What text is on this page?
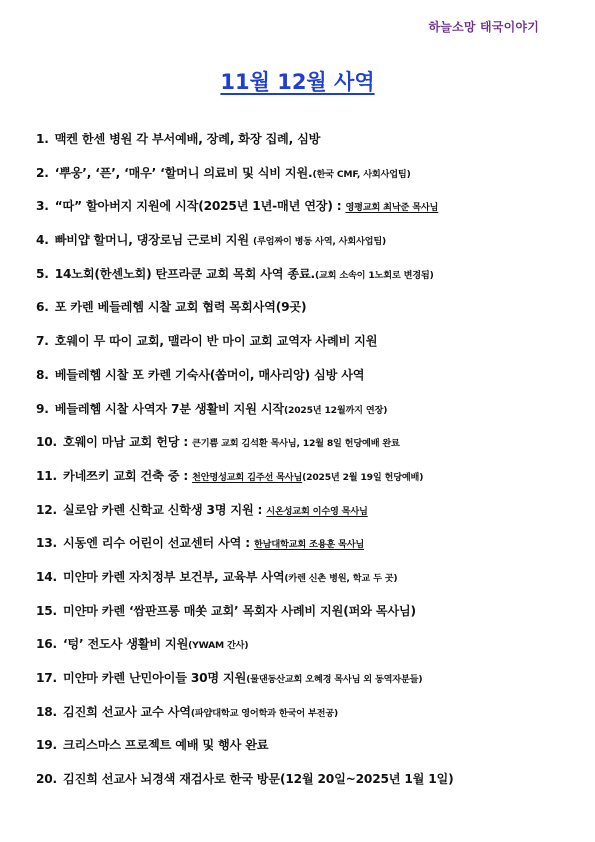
하늘소망 태국이야기
11월 12월 사역
1. 맥켄 한센 병원 각 부서예배, 장례, 화장 집례, 심방
2. ‘뿌웅’, ‘픈’, ‘매우’ ‘할머니 의료비 및 식비 지원.(한국 CMF, 사회사업팀)
3. “따” 할아버지 지원에 시작(2025년 1년-매년 연장) : 영평교회 최낙준 목사님
4. 빠비얍 할머니, 댕장로님 근로비 지원 (루엄짜이 병동 사역, 사회사업팀)
5. 14노회(한센노회) 탄프라쿤 교회 목회 사역 종료.(교회 소속이 1노회로 변경됨)
6. 포 카렌 베들레헴 시찰 교회 협력 목회사역(9곳)
7. 호웨이 무 따이 교회, 맬라이 반 마이 교회 교역자 사례비 지원
8. 베들레헴 시찰 포 카렌 기숙사(쏩머이, 매사리앙) 심방 사역
9. 베들레헴 시찰 사역자 7분 생활비 지원 시작(2025년 12월까지 연장)
10. 호웨이 마남 교회 헌당 : 큰기쁨 교회 김석환 목사님, 12월 8일 헌당예배 완료
11. 카네쯔키 교회 건축 중 : 천안명성교회 김주선 목사님(2025년 2월 19일 헌당예배)
12. 실로암 카렌 신학교 신학생 3명 지원 : 시온성교회 이수영 목사님
13. 시동엔 리수 어린이 선교센터 사역 : 한남대학교회 조용훈 목사님
14. 미얀마 카렌 자치정부 보건부, 교육부 사역(카렌 신촌 병원, 학교 두 곳)
15. 미얀마 카렌 ‘쌈판프롱 매쏫 교회’ 목회자 사례비 지원(퍼와 목사님)
16. ‘텅’ 전도사 생활비 지원(YWAM 간사)
17. 미얀마 카렌 난민아이들 30명 지원(물댄동산교회 오혜경 목사님 외 동역자분들)
18. 김진희 선교사 교수 사역(파얍대학교 영어학과 한국어 부전공)
19. 크리스마스 프로젝트 예배 및 행사 완료
20. 김진희 선교사 뇌경색 재검사로 한국 방문(12월 20일~2025년 1월 1일)
